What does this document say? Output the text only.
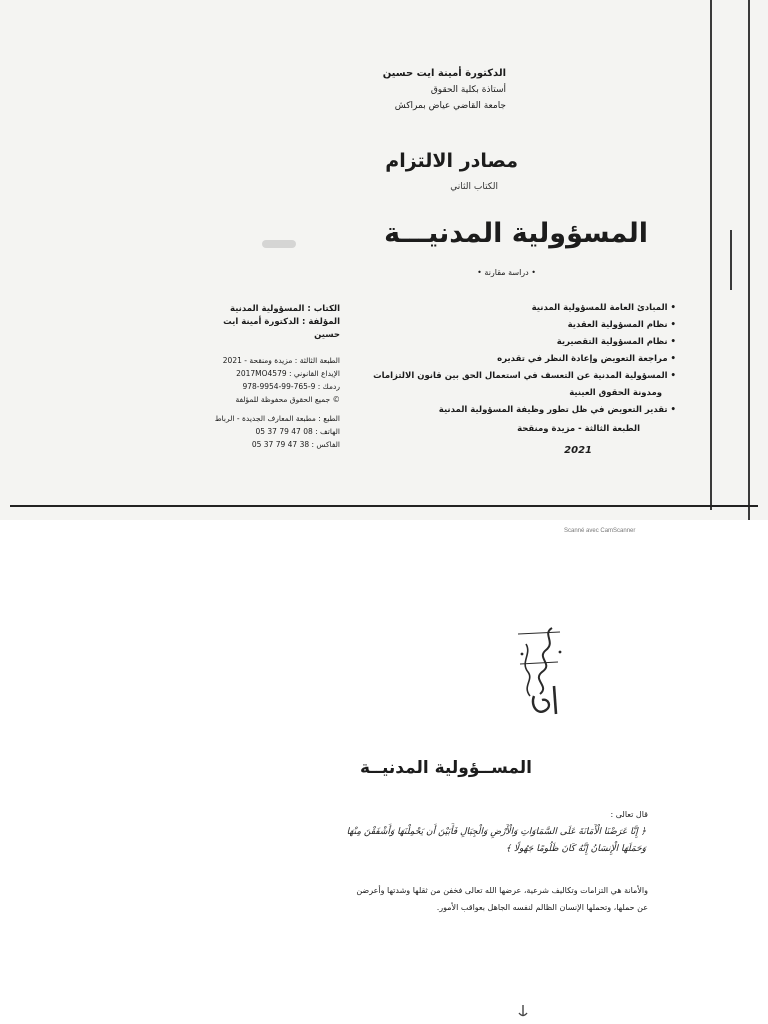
الدكتورة أمينة ايت حسين
أستاذة بكلية الحقوق
جامعة القاضي عياض بمراكش
مصادر الالتزام
الكتاب الثاني
المسؤولية المدنيـــة
• دراسة مقارنة •
• المبادئ العامة للمسؤولية المدنية
• نظام المسؤولية العقدية
• نظام المسؤولية التقصيرية
• مراجعة التعويض وإعادة النظر في تقديره
• المسؤولية المدنية عن التعسف في استعمال الحق بين قانون الالتزامات
ومدونة الحقوق العينية
• تقدير التعويض في ظل تطور وظيفة المسؤولية المدنية
الطبعة الثالثة - مزيدة ومنقحة
2021
الكتاب : المسؤولية المدنية
المؤلفة : الدكتورة أمينة ايت حسين
الطبعة الثالثة : مزيدة ومنقحة - 2021
الإيداع القانوني : 2017MO4579
ردمك : 9-765-99-9954-978
© جميع الحقوق محفوظة للمؤلفة
الطبع : مطبعة المعارف الجديدة - الرباط
الهاتف : 08 47 79 37 05
الفاكس : 38 47 79 37 05
Scanné avec CamScanner
المســؤولية المدنيــة
قال تعالى :
﴿ إِنَّا عَرَضْنَا الْأَمَانَةَ عَلَى السَّمَاوَاتِ وَالْأَرْضِ وَالْجِبَالِ فَأَبَيْنَ أَن يَحْمِلْنَهَا وَأَشْفَقْنَ مِنْهَا وَحَمَلَهَا الْإِنسَانُ إِنَّهُ كَانَ ظَلُومًا جَهُولًا ﴾
والأمانة هي التزامات وتكاليف شرعية، عرضها الله تعالى فخفن من ثقلها وشدتها وأعرضن عن حملها، وتحملها الإنسان الظالم لنفسه الجاهل بعواقب الأمور.
